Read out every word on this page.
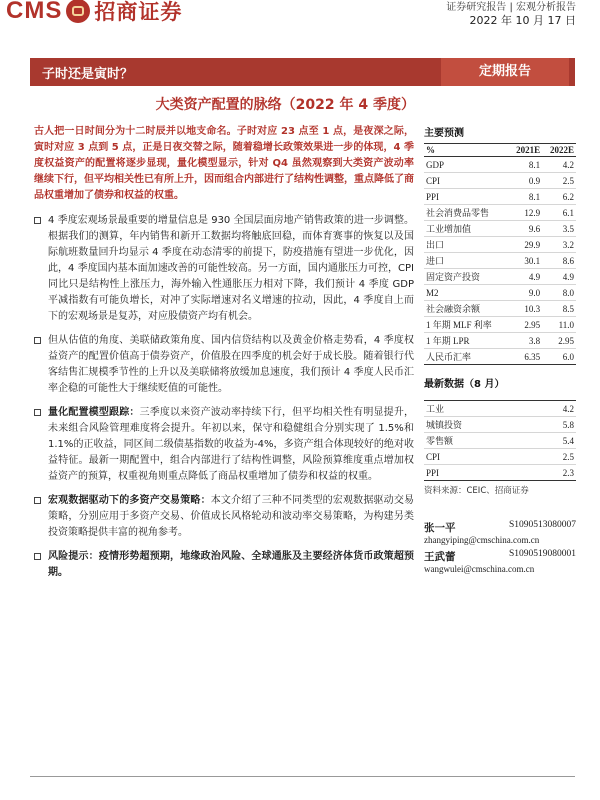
CMS 招商证券	证券研究报告 | 宏观分析报告
2022 年 10 月 17 日
子时还是寅时？	定期报告
大类资产配置的脉络（2022 年 4 季度）
古人把一日时间分为十二时辰并以地支命名。子时对应 23 点至 1 点，是夜深之际，寅时对应 3 点到 5 点，正是日夜交替之际，随着稳增长政策效果进一步的体现，4 季度权益资产的配置将逐步显现，量化模型显示，针对 Q4 虽然观察到大类资产波动率继续下行，但平均相关性已有所上升，因而组合内部进行了结构性调整，重点降低了商品权重增加了债券和权益的权重。
4 季度宏观场景最重要的增量信息是 930 全国层面房地产销售政策的进一步调整。根据我们的测算，年内销售和新开工数据均将触底回稳，而体育赛事的恢复以及国际航班数量回升均显示 4 季度在动态清零的前提下，防疫措施有望进一步优化，因此，4 季度国内基本面加速改善的可能性较高。另一方面，国内通胀压力可控，CPI 同比只是结构性上涨压力，海外输入性通胀压力相对下降，我们预计 4 季度 GDP 平减指数有可能负增长，对冲了实际增速对名义增速的拉动，因此，4 季度自上而下的宏观场景是复苏，对应股债资产均有机会。
但从估值的角度、美联储政策角度、国内信贷结构以及黄金价格走势看，4 季度权益资产的配置价值高于债券资产，价值股在四季度的机会好于成长股。随着银行代客结售汇规模季节性的上升以及美联储将放缓加息速度，我们预计 4 季度人民币汇率企稳的可能性大于继续贬值的可能性。
量化配置模型跟踪：三季度以来资产波动率持续下行，但平均相关性有明显提升，未来组合风险管理难度将会提升。年初以来，保守和稳健组合分别实现了 1.5%和 1.1%的正收益，同区间二级债基指数的收益为-4%，多资产组合体现较好的绝对收益特征。最新一期配置中，组合内部进行了结构性调整，风险预算维度重点增加权益资产的预算，权重视角则重点降低了商品权重增加了债券和权益的权重。
宏观数据驱动下的多资产交易策略：本文介绍了三种不同类型的宏观数据驱动交易策略，分别应用于多资产交易、价值成长风格轮动和波动率交易策略，为构建另类投资策略提供丰富的视角参考。
风险提示：疫情形势超预期，地缘政治风险、全球通胀及主要经济体货币政策超预期。
主要预测
%	2021E	2022E
GDP	8.1	4.2
CPI	0.9	2.5
PPI	8.1	6.2
社会消费品零售	12.9	6.1
工业增加值	9.6	3.5
出口	29.9	3.2
进口	30.1	8.6
固定资产投资	4.9	4.9
M2	9.0	8.0
社会融资余额	10.3	8.5
1 年期 MLF 利率	2.95	11.0
1 年期 LPR	3.8	2.95
人民币汇率	6.35	6.0
最新数据（8 月）
工业	4.2
城镇投资	5.8
零售额	5.4
CPI	2.5
PPI	2.3
资料来源：CEIC、招商证券
张一平	S1090513080007
zhangyiping@cmschina.com.cn
王武蕾	S1090519080001
wangwulei@cmschina.com.cn
